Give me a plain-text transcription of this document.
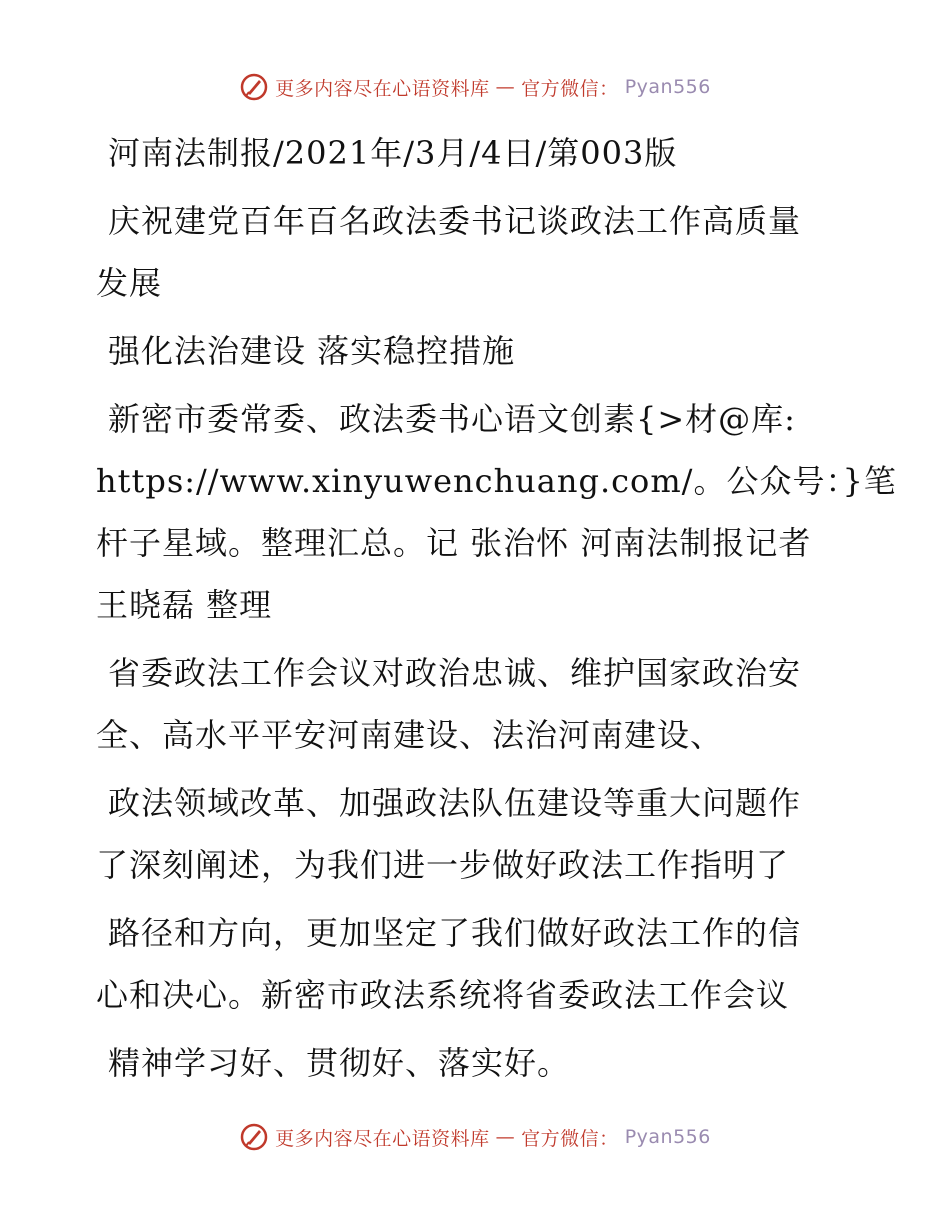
更多内容尽在心语资料库 — 官方微信： Pyan556
河南法制报/2021年/3月/4日/第003版
庆祝建党百年百名政法委书记谈政法工作高质量
发展
强化法治建设 落实稳控措施
新密市委常委、政法委书心语文创素{>材@库:
https://www.xinyuwenchuang.com/。公众号：}笔
杆子星域。整理汇总。记 张治怀 河南法制报记者
王晓磊 整理
省委政法工作会议对政治忠诚、维护国家政治安
全、高水平平安河南建设、法治河南建设、
政法领域改革、加强政法队伍建设等重大问题作
了深刻阐述，为我们进一步做好政法工作指明了
路径和方向，更加坚定了我们做好政法工作的信
心和决心。新密市政法系统将省委政法工作会议
精神学习好、贯彻好、落实好。
更多内容尽在心语资料库 — 官方微信： Pyan556
